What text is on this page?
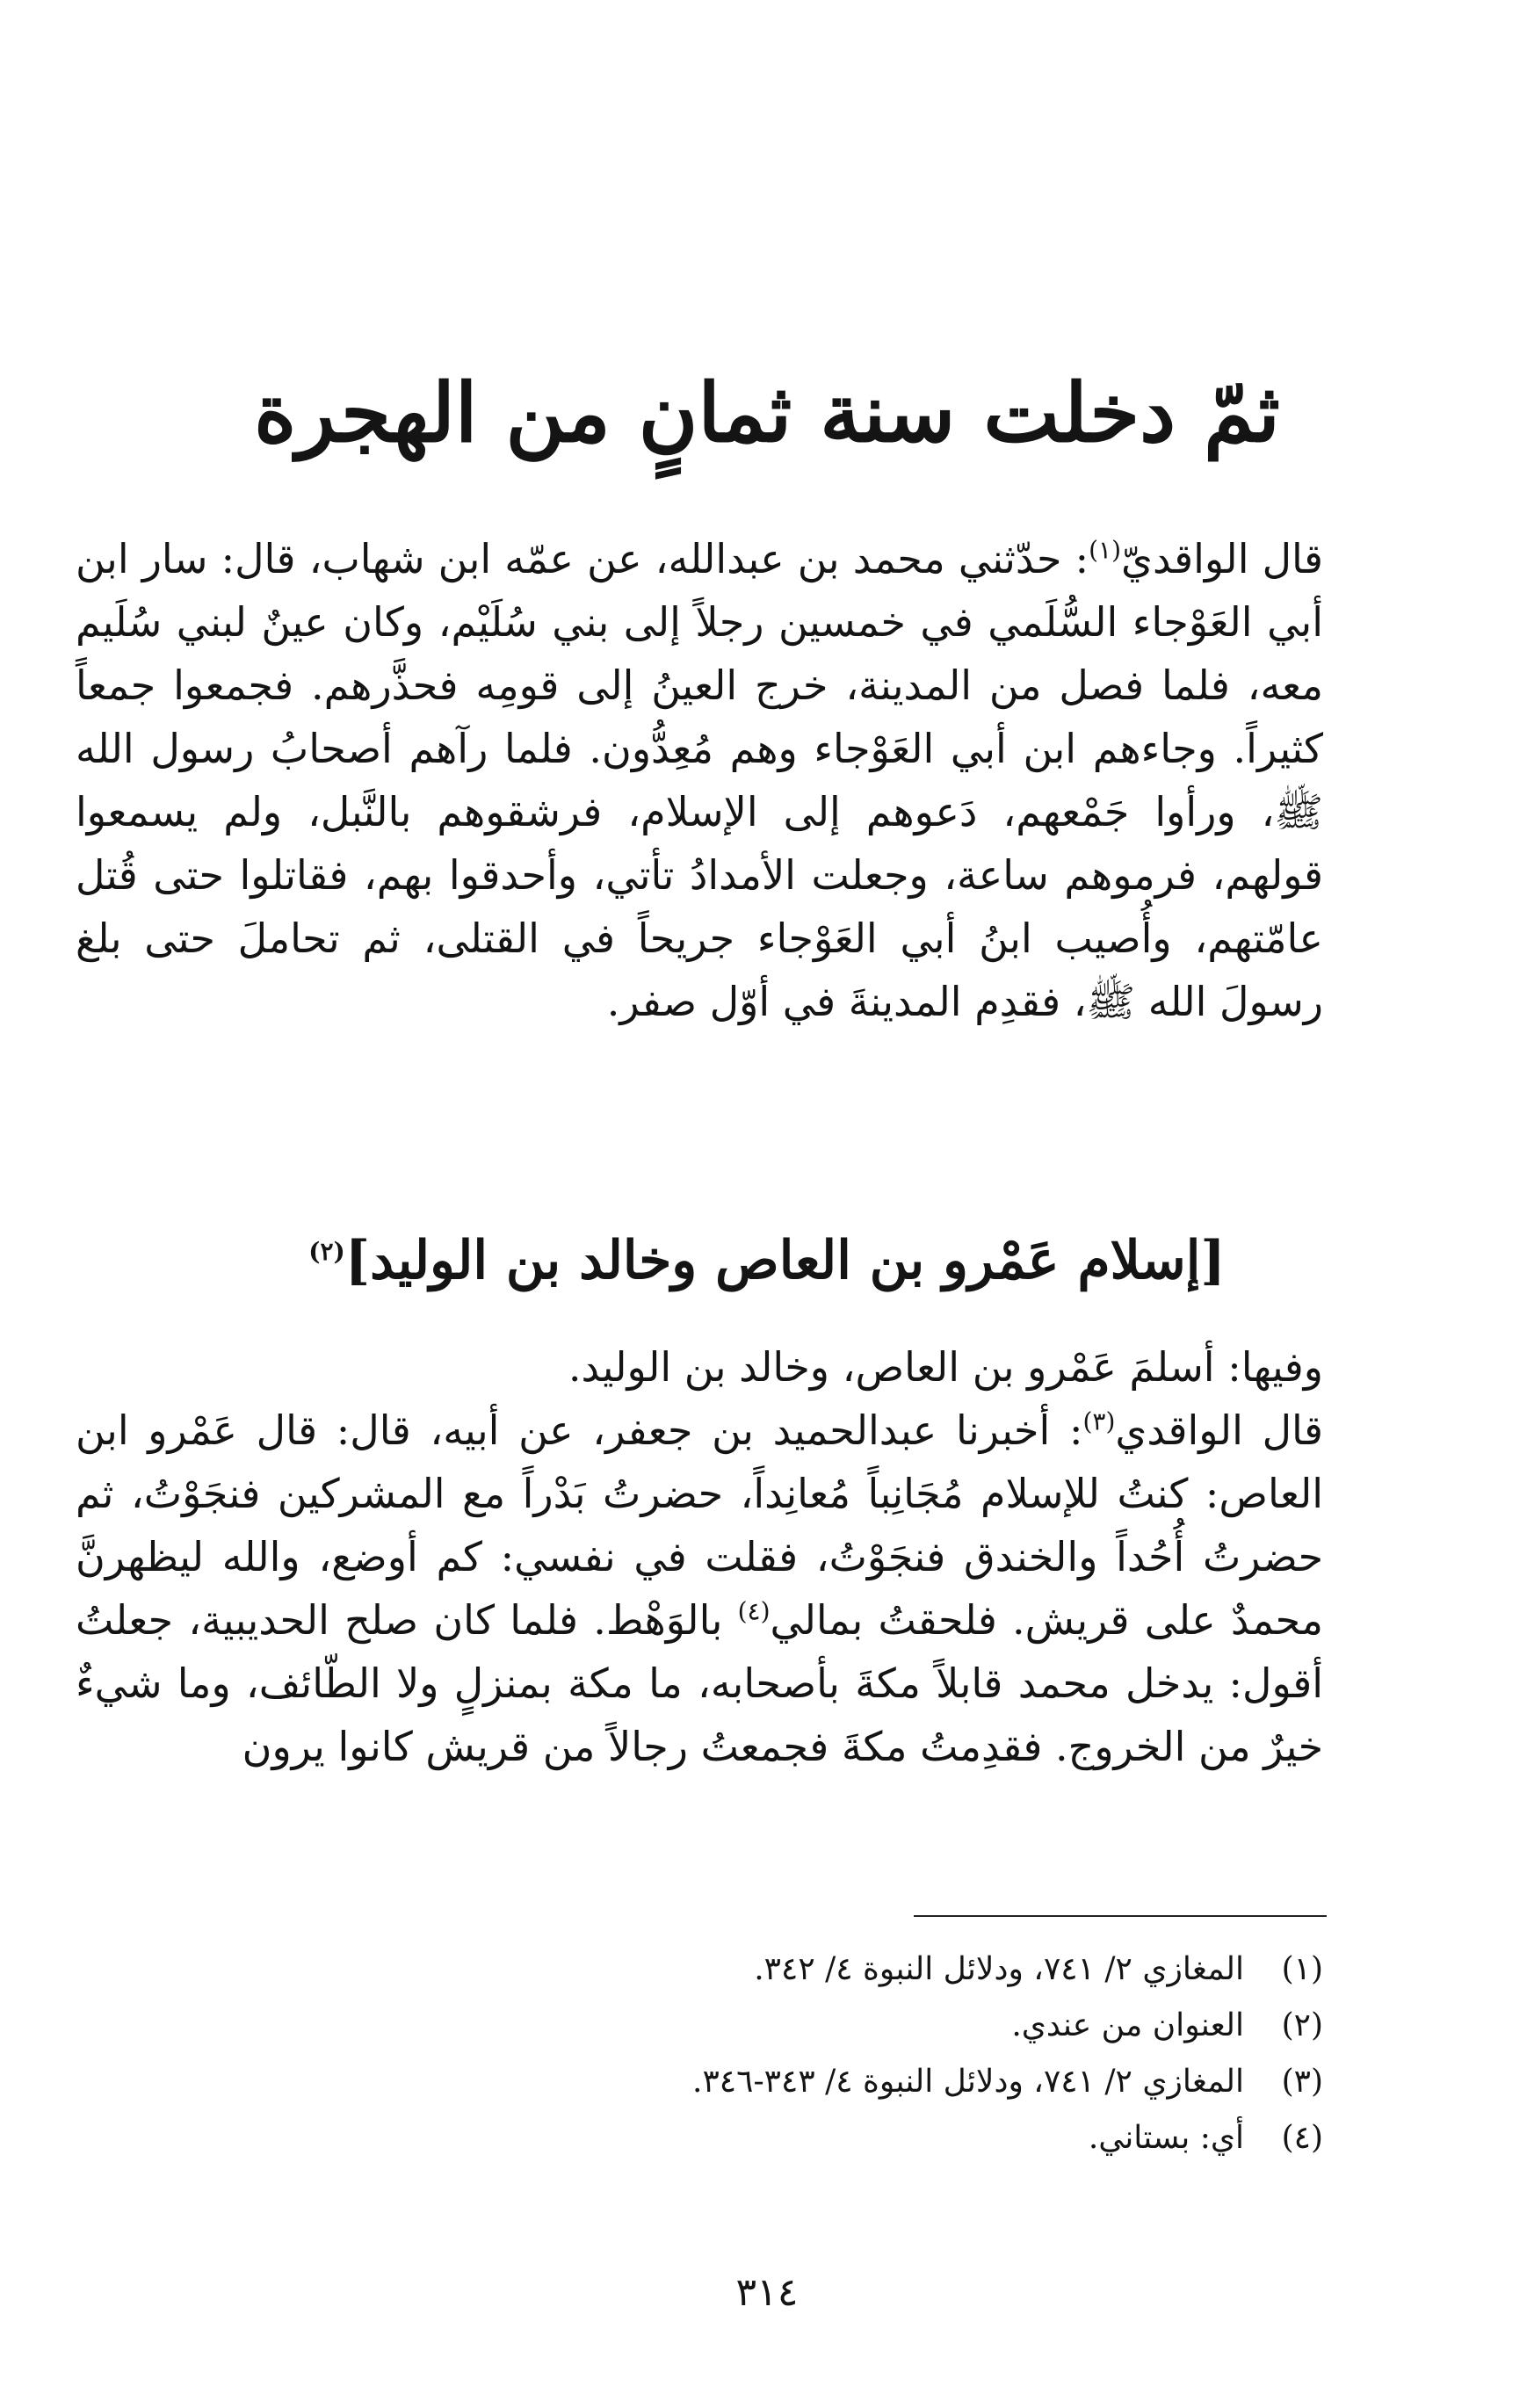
ثمّ دخلت سنة ثمانٍ من الهجرة

قال الواقديّ$^{(١)}$: حدّثني محمد بن عبدالله، عن عمّه ابن شهاب، قال: سار ابن أبي العَوْجاء السُّلَمي في خمسين رجلاً إلى بني سُلَيْم، وكان عينٌ لبني سُلَيم معه، فلما فصل من المدينة، خرج العينُ إلى قومِه فحذَّرهم. فجمعوا جمعاً كثيراً. وجاءهم ابن أبي العَوْجاء وهم مُعِدُّون. فلما رآهم أصحابُ رسول الله ﷺ، ورأوا جَمْعهم، دَعوهم إلى الإسلام، فرشقوهم بالنَّبل، ولم يسمعوا قولهم، فرموهم ساعة، وجعلت الأمدادُ تأتي، وأحدقوا بهم، فقاتلوا حتى قُتل عامّتهم، وأُصيب ابنُ أبي العَوْجاء جريحاً في القتلى، ثم تحاملَ حتى بلغ رسولَ الله ﷺ، فقدِم المدينةَ في أوّل صفر.

[إسلام عَمْرو بن العاص وخالد بن الوليد]$^{(٢)}$

وفيها: أسلمَ عَمْرو بن العاص، وخالد بن الوليد.

قال الواقدي$^{(٣)}$: أخبرنا عبدالحميد بن جعفر، عن أبيه، قال: قال عَمْرو ابن العاص: كنتُ للإسلام مُجَانِباً مُعانِداً، حضرتُ بَدْراً مع المشركين فنجَوْتُ، ثم حضرتُ أُحُداً والخندق فنجَوْتُ، فقلت في نفسي: كم أوضع، والله ليظهرنَّ محمدٌ على قريش. فلحقتُ بمالي$^{(٤)}$ بالوَهْط. فلما كان صلح الحديبية، جعلتُ أقول: يدخل محمد قابلاً مكةَ بأصحابه، ما مكة بمنزلٍ ولا الطّائف، وما شيءٌ خيرٌ من الخروج. فقدِمتُ مكةَ فجمعتُ رجالاً من قريش كانوا يرون

(١)
المغازي ٢/ ٧٤١، ودلائل النبوة ٤/ ٣٤٢.
(٢)
العنوان من عندي.
(٣)
المغازي ٢/ ٧٤١، ودلائل النبوة ٤/ ٣٤٣-٣٤٦.
(٤)
أي: بستاني.
٣١٤
